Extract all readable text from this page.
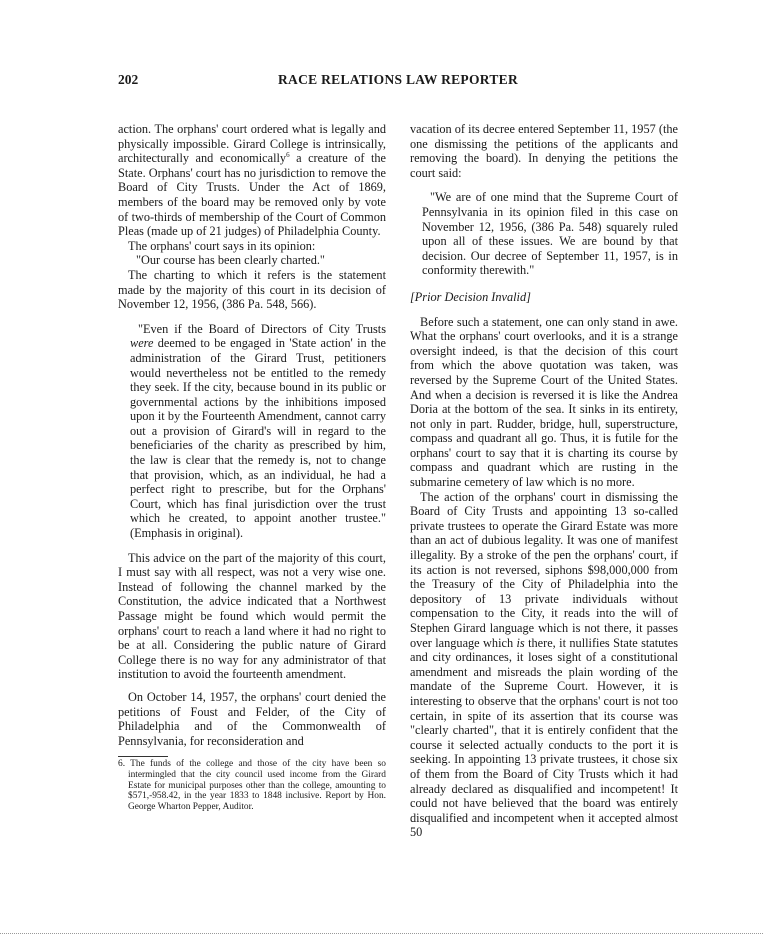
202	RACE RELATIONS LAW REPORTER

action. The orphans' court ordered what is legally and physically impossible. Girard College is intrinsically, architecturally and economically$^6$ a creature of the State. Orphans' court has no jurisdiction to remove the Board of City Trusts. Under the Act of 1869, members of the board may be removed only by vote of two-thirds of membership of the Court of Common Pleas (made up of 21 judges) of Philadelphia County.

The orphans' court says in its opinion:

"Our course has been clearly charted."

The charting to which it refers is the statement made by the majority of this court in its decision of November 12, 1956, (386 Pa. 548, 566).

"Even if the Board of Directors of City Trusts were deemed to be engaged in 'State action' in the administration of the Girard Trust, petitioners would nevertheless not be entitled to the remedy they seek. If the city, because bound in its public or governmental actions by the inhibitions imposed upon it by the Fourteenth Amendment, cannot carry out a provision of Girard's will in regard to the beneficiaries of the charity as prescribed by him, the law is clear that the remedy is, not to change that provision, which, as an individual, he had a perfect right to prescribe, but for the Orphans' Court, which has final jurisdiction over the trust which he created, to appoint another trustee." (Emphasis in original).

This advice on the part of the majority of this court, I must say with all respect, was not a very wise one. Instead of following the channel marked by the Constitution, the advice indicated that a Northwest Passage might be found which would permit the orphans' court to reach a land where it had no right to be at all. Considering the public nature of Girard College there is no way for any administrator of that institution to avoid the fourteenth amendment.

On October 14, 1957, the orphans' court denied the petitions of Foust and Felder, of the City of Philadelphia and of the Commonwealth of Pennsylvania, for reconsideration and

6. The funds of the college and those of the city have been so intermingled that the city council used income from the Girard Estate for municipal purposes other than the college, amounting to $571,-958.42, in the year 1833 to 1848 inclusive. Report by Hon. George Wharton Pepper, Auditor.

vacation of its decree entered September 11, 1957 (the one dismissing the petitions of the applicants and removing the board). In denying the petitions the court said:

"We are of one mind that the Supreme Court of Pennsylvania in its opinion filed in this case on November 12, 1956, (386 Pa. 548) squarely ruled upon all of these issues. We are bound by that decision. Our decree of September 11, 1957, is in conformity therewith."

[Prior Decision Invalid]

Before such a statement, one can only stand in awe. What the orphans' court overlooks, and it is a strange oversight indeed, is that the decision of this court from which the above quotation was taken, was reversed by the Supreme Court of the United States. And when a decision is reversed it is like the Andrea Doria at the bottom of the sea. It sinks in its entirety, not only in part. Rudder, bridge, hull, superstructure, compass and quadrant all go. Thus, it is futile for the orphans' court to say that it is charting its course by compass and quadrant which are rusting in the submarine cemetery of law which is no more.

The action of the orphans' court in dismissing the Board of City Trusts and appointing 13 so-called private trustees to operate the Girard Estate was more than an act of dubious legality. It was one of manifest illegality. By a stroke of the pen the orphans' court, if its action is not reversed, siphons $98,000,000 from the Treasury of the City of Philadelphia into the depository of 13 private individuals without compensation to the City, it reads into the will of Stephen Girard language which is not there, it passes over language which is there, it nullifies State statutes and city ordinances, it loses sight of a constitutional amendment and misreads the plain wording of the mandate of the Supreme Court. However, it is interesting to observe that the orphans' court is not too certain, in spite of its assertion that its course was "clearly charted", that it is entirely confident that the course it selected actually conducts to the port it is seeking. In appointing 13 private trustees, it chose six of them from the Board of City Trusts which it had already declared as disqualified and incompetent! It could not have believed that the board was entirely disqualified and incompetent when it accepted almost 50
